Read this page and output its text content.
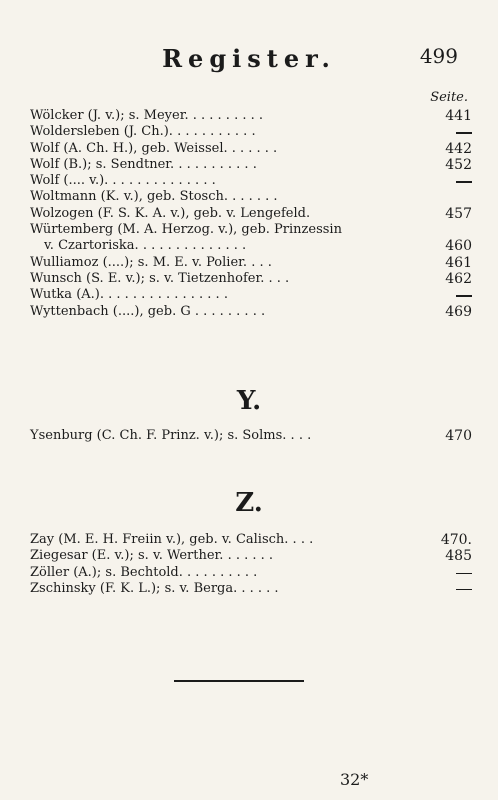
Register.	499
Seite.
Wölcker (J. v.); s. Meyer. . . . . . . . . .	441
Woldersleben (J. Ch.). . . . . . . . . . .
Wolf (A. Ch. H.), geb. Weissel. . . . . . .	442
Wolf (B.); s. Sendtner. . . . . . . . . . .	452
Wolf (.... v.). . . . . . . . . . . . . .
Woltmann (K. v.), geb. Stosch. . . . . . .
Wolzogen (F. S. K. A. v.), geb. v. Lengefeld.	457
Würtemberg (M. A. Herzog. v.), geb. Prinzessin
v. Czartoriska. . . . . . . . . . . . . .	460
Wulliamoz (....); s. M. E. v. Polier. . . .	461
Wunsch (S. E. v.); s. v. Tietzenhofer. . . .	462
Wutka (A.). . . . . . . . . . . . . . . .
Wyttenbach (....), geb. G . . . . . . . . .	469
Y.
Ysenburg (C. Ch. F. Prinz. v.); s. Solms. . . .	470
Z.
Zay (M. E. H. Freiin v.), geb. v. Calisch. . . .	470.
Ziegesar (E. v.); s. v. Werther. . . . . . .	485
Zöller (A.); s. Bechtold. . . . . . . . . .
Zschinsky (F. K. L.); s. v. Berga. . . . . .
32*
